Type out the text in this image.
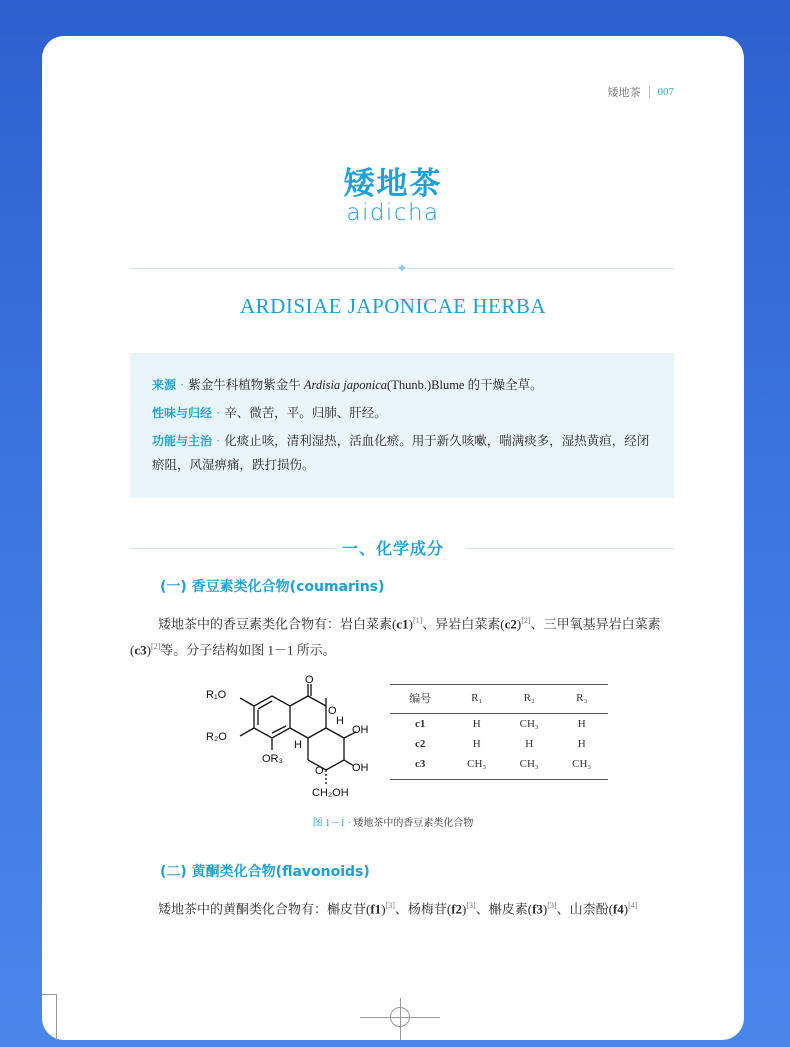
矮地茶 007
矮地茶
aidicha
❖
ARDISIAE JAPONICAE HERBA
来源 · 紫金牛科植物紫金牛 Ardisia japonica(Thunb.)Blume 的干燥全草。
性味与归经 · 辛、微苦，平。归肺、肝经。
功能与主治 · 化痰止咳，清利湿热，活血化瘀。用于新久咳嗽，喘满痰多，湿热黄疸，经闭瘀阻，风湿痹痛，跌打损伤。
一、化学成分
(一) 香豆素类化合物(coumarins)
矮地茶中的香豆素类化合物有：岩白菜素(c1)[1]、异岩白菜素(c2)[2]、三甲氧基异岩白菜素(c3)[2]等。分子结构如图 1－1 所示。
R₁O
R₂O
OR₃
O
O
OH
OH
CH₂OH
H
H
O
编号	R₁	R₂	R₃
c1	H	CH₃	H
c2	H	H	H
c3	CH₃	CH₃	CH₃
图 1－1 · 矮地茶中的香豆素类化合物
(二) 黄酮类化合物(flavonoids)
矮地茶中的黄酮类化合物有：槲皮苷(f1)[3]、杨梅苷(f2)[3]、槲皮素(f3)[3]、山柰酚(f4)[4]
